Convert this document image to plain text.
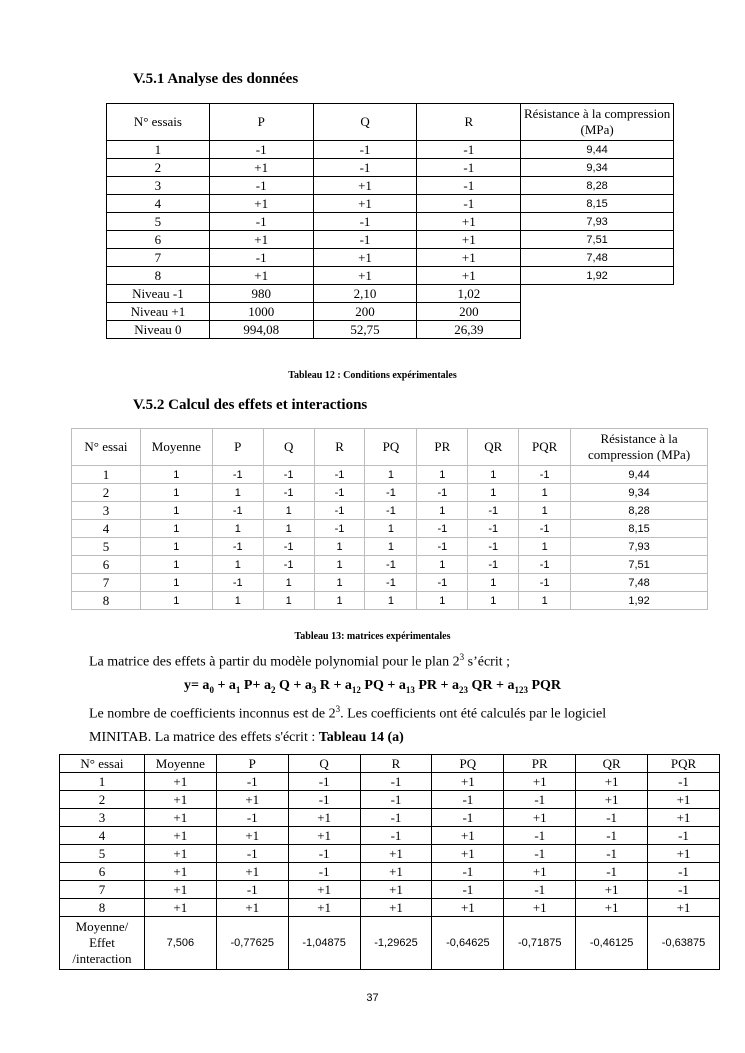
V.5.1 Analyse des données
N° essais	P	Q	R	Résistance à la compression (MPa)
1	-1	-1	-1	9,44
2	+1	-1	-1	9,34
3	-1	+1	-1	8,28
4	+1	+1	-1	8,15
5	-1	-1	+1	7,93
6	+1	-1	+1	7,51
7	-1	+1	+1	7,48
8	+1	+1	+1	1,92
Niveau -1	980	2,10	1,02	
Niveau +1	1000	200	200	
Niveau 0	994,08	52,75	26,39	
Tableau 12 : Conditions expérimentales
V.5.2 Calcul des effets et interactions
N° essai	Moyenne	P	Q	R	PQ	PR	QR	PQR	Résistance à la compression (MPa)
1	1	-1	-1	-1	1	1	1	-1	9,44
2	1	1	-1	-1	-1	-1	1	1	9,34
3	1	-1	1	-1	-1	1	-1	1	8,28
4	1	1	1	-1	1	-1	-1	-1	8,15
5	1	-1	-1	1	1	-1	-1	1	7,93
6	1	1	-1	1	-1	1	-1	-1	7,51
7	1	-1	1	1	-1	-1	1	-1	7,48
8	1	1	1	1	1	1	1	1	1,92
Tableau 13: matrices expérimentales
La matrice des effets à partir du modèle polynomial pour le plan $2^3$ s’écrit ;
$y= a_0 + a_1$ $P+ a_2$ $Q + a_3$ $R + a_{12}$ PQ + $a_{13}$ PR + $a_{23}$ QR + $a_{123}$ PQR
Le nombre de coefficients inconnus est de $2^3$. Les coefficients ont été calculés par le logiciel
MINITAB. La matrice des effets s'écrit : Tableau 14 (a)
N° essai	Moyenne	P	Q	R	PQ	PR	QR	PQR
1	+1	-1	-1	-1	+1	+1	+1	-1
2	+1	+1	-1	-1	-1	-1	+1	+1
3	+1	-1	+1	-1	-1	+1	-1	+1
4	+1	+1	+1	-1	+1	-1	-1	-1
5	+1	-1	-1	+1	+1	-1	-1	+1
6	+1	+1	-1	+1	-1	+1	-1	-1
7	+1	-1	+1	+1	-1	-1	+1	-1
8	+1	+1	+1	+1	+1	+1	+1	+1

Moyenne/
Effet
/interaction	7,506	-0,77625	-1,04875	-1,29625	-0,64625	-0,71875	-0,46125	-0,63875
37
